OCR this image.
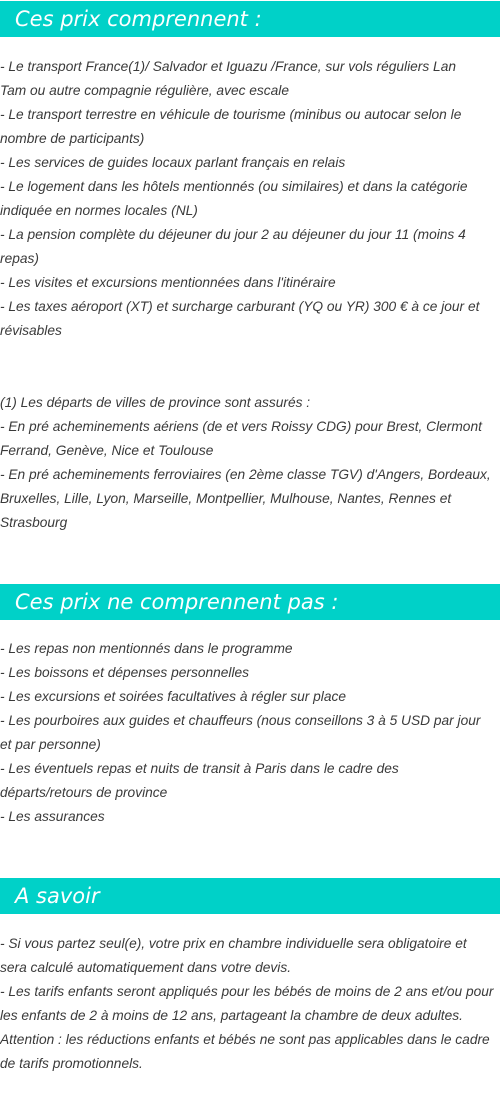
Ces prix comprennent :
- Le transport France(1)/ Salvador et Iguazu /France, sur vols réguliers Lan
Tam ou autre compagnie régulière, avec escale
- Le transport terrestre en véhicule de tourisme (minibus ou autocar selon le
nombre de participants)
- Les services de guides locaux parlant français en relais
- Le logement dans les hôtels mentionnés (ou similaires) et dans la catégorie
indiquée en normes locales (NL)
- La pension complète du déjeuner du jour 2 au déjeuner du jour 11 (moins 4
repas)
- Les visites et excursions mentionnées dans l'itinéraire
- Les taxes aéroport (XT) et surcharge carburant (YQ ou YR) 300 € à ce jour et
révisables
(1) Les départs de villes de province sont assurés :
- En pré acheminements aériens (de et vers Roissy CDG) pour Brest, Clermont
Ferrand, Genève, Nice et Toulouse
- En pré acheminements ferroviaires (en 2ème classe TGV) d'Angers, Bordeaux,
Bruxelles, Lille, Lyon, Marseille, Montpellier, Mulhouse, Nantes, Rennes et
Strasbourg
Ces prix ne comprennent pas :
- Les repas non mentionnés dans le programme
- Les boissons et dépenses personnelles
- Les excursions et soirées facultatives à régler sur place
- Les pourboires aux guides et chauffeurs (nous conseillons 3 à 5 USD par jour
et par personne)
- Les éventuels repas et nuits de transit à Paris dans le cadre des
départs/retours de province
- Les assurances
A savoir
- Si vous partez seul(e), votre prix en chambre individuelle sera obligatoire et
sera calculé automatiquement dans votre devis.
- Les tarifs enfants seront appliqués pour les bébés de moins de 2 ans et/ou pour
les enfants de 2 à moins de 12 ans, partageant la chambre de deux adultes.
Attention : les réductions enfants et bébés ne sont pas applicables dans le cadre
de tarifs promotionnels.
